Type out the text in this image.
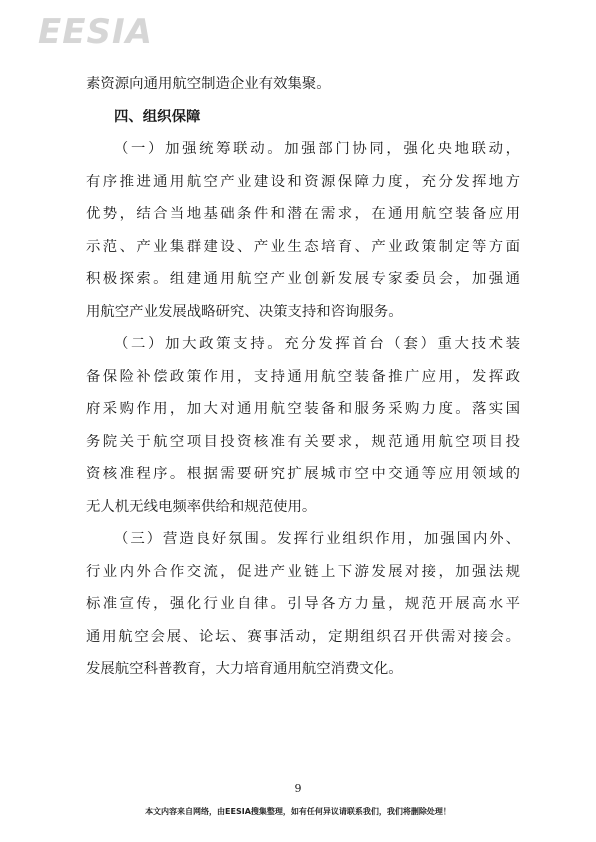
EESIA
素资源向通用航空制造企业有效集聚。
四、组织保障
（一）加强统筹联动。加强部门协同，强化央地联动，
有序推进通用航空产业建设和资源保障力度，充分发挥地方
优势，结合当地基础条件和潜在需求，在通用航空装备应用
示范、产业集群建设、产业生态培育、产业政策制定等方面
积极探索。组建通用航空产业创新发展专家委员会，加强通
用航空产业发展战略研究、决策支持和咨询服务。
（二）加大政策支持。充分发挥首台（套）重大技术装
备保险补偿政策作用，支持通用航空装备推广应用，发挥政
府采购作用，加大对通用航空装备和服务采购力度。落实国
务院关于航空项目投资核准有关要求，规范通用航空项目投
资核准程序。根据需要研究扩展城市空中交通等应用领域的
无人机无线电频率供给和规范使用。
（三）营造良好氛围。发挥行业组织作用，加强国内外、
行业内外合作交流，促进产业链上下游发展对接，加强法规
标准宣传，强化行业自律。引导各方力量，规范开展高水平
通用航空会展、论坛、赛事活动，定期组织召开供需对接会。
发展航空科普教育，大力培育通用航空消费文化。
9
本文内容来自网络，由EESIA搜集整理，如有任何异议请联系我们，我们将删除处理！
